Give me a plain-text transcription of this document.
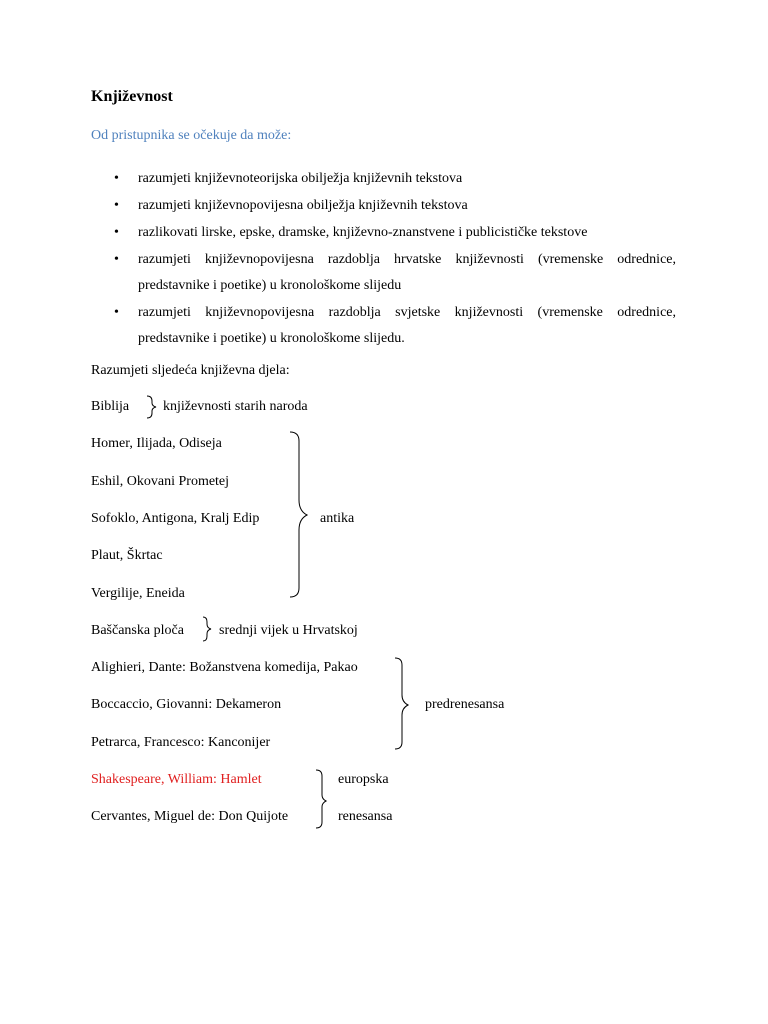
Književnost
Od pristupnika se očekuje da može:
• razumjeti književnoteorijska obilježja književnih tekstova
• razumjeti književnopovijesna obilježja književnih tekstova
• razlikovati lirske, epske, dramske, književno-znanstvene i publicističke tekstove
• razumjeti književnopovijesna razdoblja hrvatske književnosti (vremenske odrednice, predstavnike i poetike) u kronološkome slijedu
• razumjeti književnopovijesna razdoblja svjetske književnosti (vremenske odrednice, predstavnike i poetike) u kronološkome slijedu.
Razumjeti sljedeća književna djela:
Biblija književnosti starih naroda
Homer, Ilijada, Odiseja
Eshil, Okovani Prometej
Sofoklo, Antigona, Kralj Edip
Plaut, Škrtac
Vergilije, Eneida
antika
Baščanska ploča	srednji vijek u Hrvatskoj
Alighieri, Dante: Božanstvena komedija, Pakao
Boccaccio, Giovanni: Dekameron
Petrarca, Francesco: Kanconijer
predrenesansa
Shakespeare, William: Hamlet
Cervantes, Miguel de: Don Quijote
europska
renesansa
